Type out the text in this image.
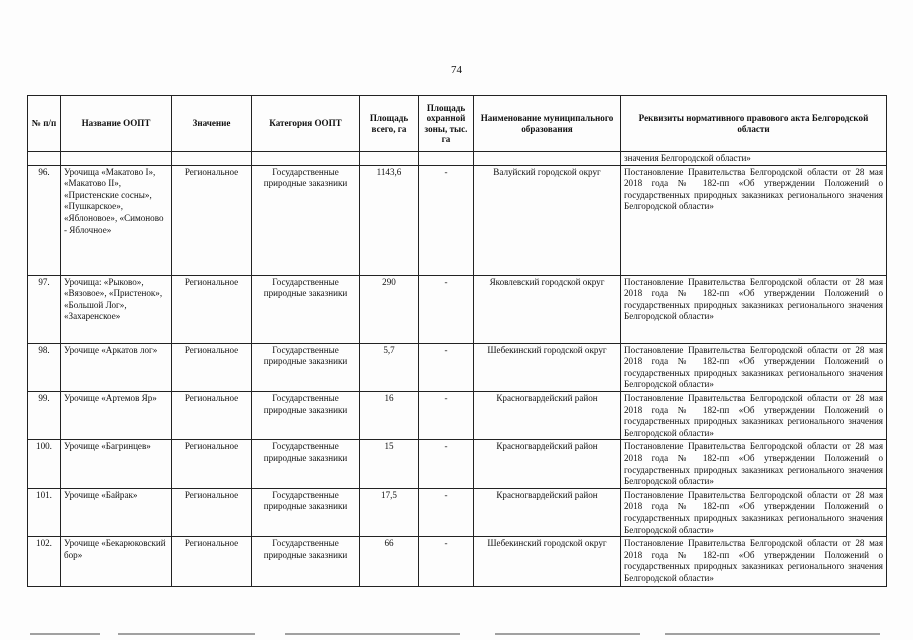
74
№ п/п	Название ООПТ	Значение	Категория ООПТ	Площадь всего, га	Площадь охранной зоны, тыс. га	Наименование муниципального образования	Реквизиты нормативного правового акта Белгородской области
							значения Белгородской области»
96.	Урочища «Макатово I», «Макатово II», «Пристенские сосны», «Пушкарское», «Яблоновое», «Симоново - Яблочное»	Региональное	Государственные природные заказники	1143,6	-	Валуйский городской округ	Постановление Правительства Белгородской области от 28 мая 2018 года № 182-пп «Об утверждении Положений о государственных природных заказниках регионального значения Белгородской области»
97.	Урочища: «Рыково», «Вязовое», «Пристенок», «Большой Лог», «Захаренское»	Региональное	Государственные природные заказники	290	-	Яковлевский городской округ	Постановление Правительства Белгородской области от 28 мая 2018 года № 182-пп «Об утверждении Положений о государственных природных заказниках регионального значения Белгородской области»
98.	Урочище «Аркатов лог»	Региональное	Государственные природные заказники	5,7	-	Шебекинский городской округ	Постановление Правительства Белгородской области от 28 мая 2018 года № 182-пп «Об утверждении Положений о государственных природных заказниках регионального значения Белгородской области»
99.	Урочище «Артемов Яр»	Региональное	Государственные природные заказники	16	-	Красногвардейский район	Постановление Правительства Белгородской области от 28 мая 2018 года № 182-пп «Об утверждении Положений о государственных природных заказниках регионального значения Белгородской области»
100.	Урочище «Багринцев»	Региональное	Государственные природные заказники	15	-	Красногвардейский район	Постановление Правительства Белгородской области от 28 мая 2018 года № 182-пп «Об утверждении Положений о государственных природных заказниках регионального значения Белгородской области»
101.	Урочище «Байрак»	Региональное	Государственные природные заказники	17,5	-	Красногвардейский район	Постановление Правительства Белгородской области от 28 мая 2018 года № 182-пп «Об утверждении Положений о государственных природных заказниках регионального значения Белгородской области»
102.	Урочище «Бекарюковский бор»	Региональное	Государственные природные заказники	66	-	Шебекинский городской округ	Постановление Правительства Белгородской области от 28 мая 2018 года № 182-пп «Об утверждении Положений о государственных природных заказниках регионального значения Белгородской области»
